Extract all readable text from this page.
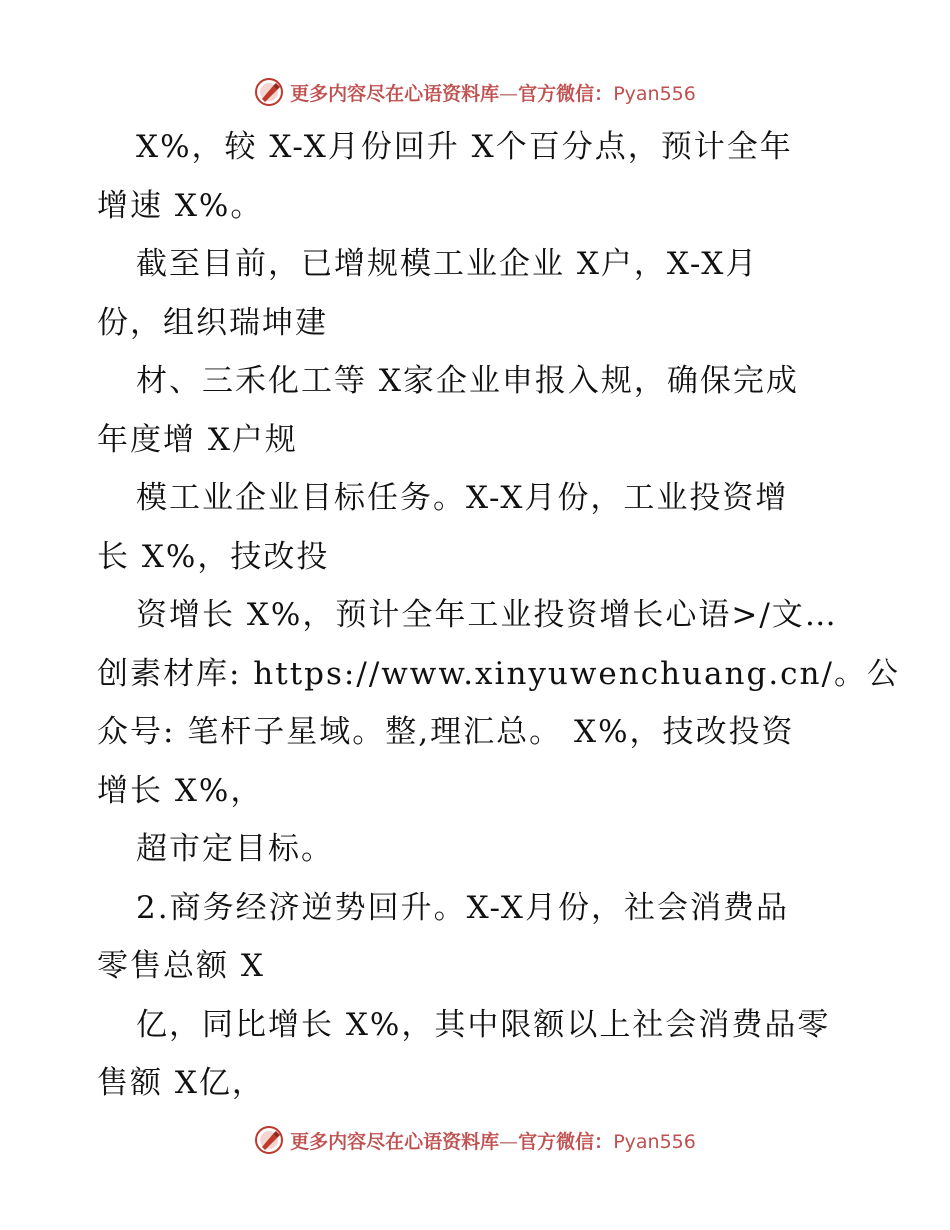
更多内容尽在心语资料库—官方微信：Pyan556
X%，较 X-X月份回升 X个百分点，预计全年
增速 X%。
截至目前，已增规模工业企业 X户，X-X月
份，组织瑞坤建
材、三禾化工等 X家企业申报入规，确保完成
年度增 X户规
模工业企业目标任务。X-X月份，工业投资增
长 X%，技改投
资增长 X%，预计全年工业投资增长心语>/文…
创素材库: https://www.xinyuwenchuang.cn/。公
众号: 笔杆子星域。整,理汇总。 X%，技改投资
增长 X%，
超市定目标。
2.商务经济逆势回升。X-X月份，社会消费品
零售总额 X
亿，同比增长 X%，其中限额以上社会消费品零
售额 X亿，
更多内容尽在心语资料库—官方微信：Pyan556
